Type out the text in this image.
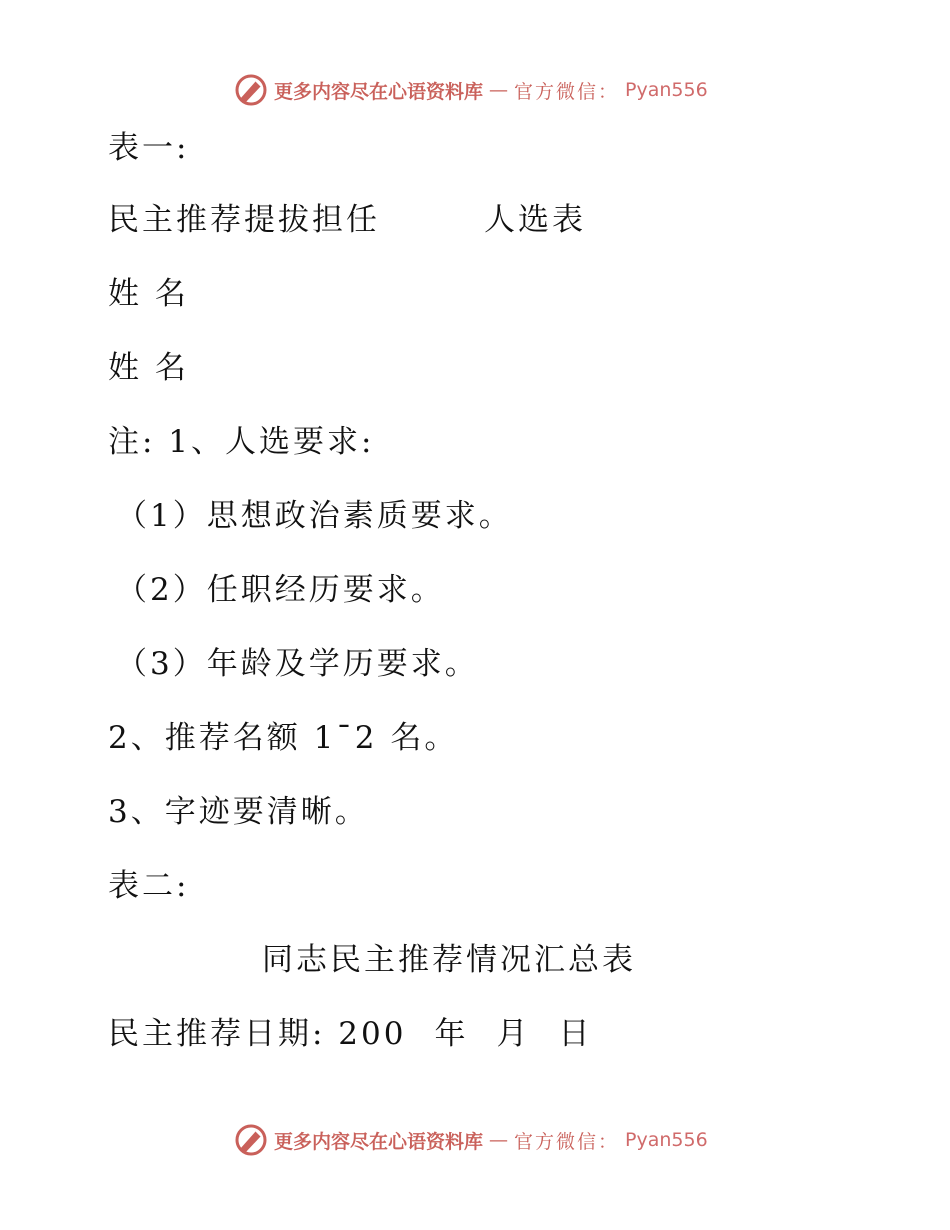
更多内容尽在心语资料库 — 官方微信： Pyan556
表一:
民主推荐提拔担任	人选表
姓 名
姓 名
注: 1、人选要求:
（1）思想政治素质要求。
（2）任职经历要求。
（3）年龄及学历要求。
2、推荐名额 1¯2 名。
3、字迹要清晰。
表二:
同志民主推荐情况汇总表
民主推荐日期: 200 年 月 日
更多内容尽在心语资料库 — 官方微信： Pyan556
